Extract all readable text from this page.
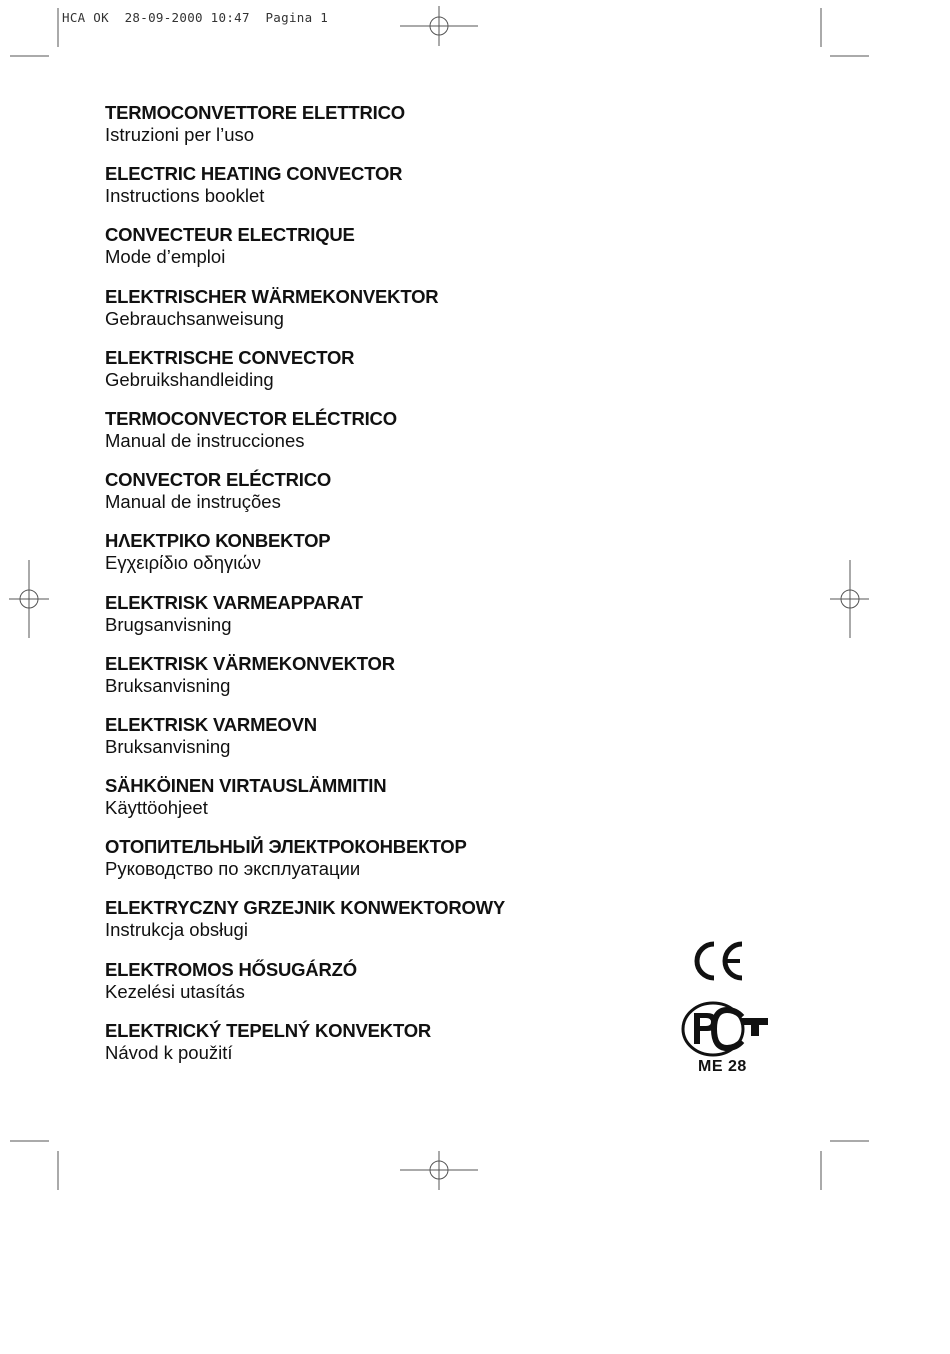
HCA OK  28-09-2000 10:47  Pagina 1
TERMOCONVETTORE ELETTRICO
Istruzioni per l’uso
ELECTRIC HEATING CONVECTOR
Instructions booklet
CONVECTEUR ELECTRIQUE
Mode d’emploi
ELEKTRISCHER WÄRMEKONVEKTOR
Gebrauchsanweisung
ELEKTRISCHE CONVECTOR
Gebruikshandleiding
TERMOCONVECTOR ELÉCTRICO
Manual de instrucciones
CONVECTOR ELÉCTRICO
Manual de instruções
ΗΛΕΚΤΡΙΚΟ ΚΟΝΒΕΚΤΟΡ
Εγχειρίδιο οδηγιών
ELEKTRISK VARMEAPPARAT
Brugsanvisning
ELEKTRISK VÄRMEKONVEKTOR
Bruksanvisning
ELEKTRISK VARMEOVN
Bruksanvisning
SÄHKÖINEN VIRTAUSLÄMMITIN
Käyttöohjeet
ОТОПИТЕЛЬНЫЙ ЭЛЕКТРОКОНВЕКТОР
Руководство по эксплуатации
ELEKTRYCZNY GRZEJNIK KONWEKTOROWY
Instrukcja obsługi
ELEKTROMOS HŐSUGÁRZÓ
Kezelési utasítás
ELEKTRICKÝ TEPELNÝ KONVEKTOR
Návod k použití
ME 28
